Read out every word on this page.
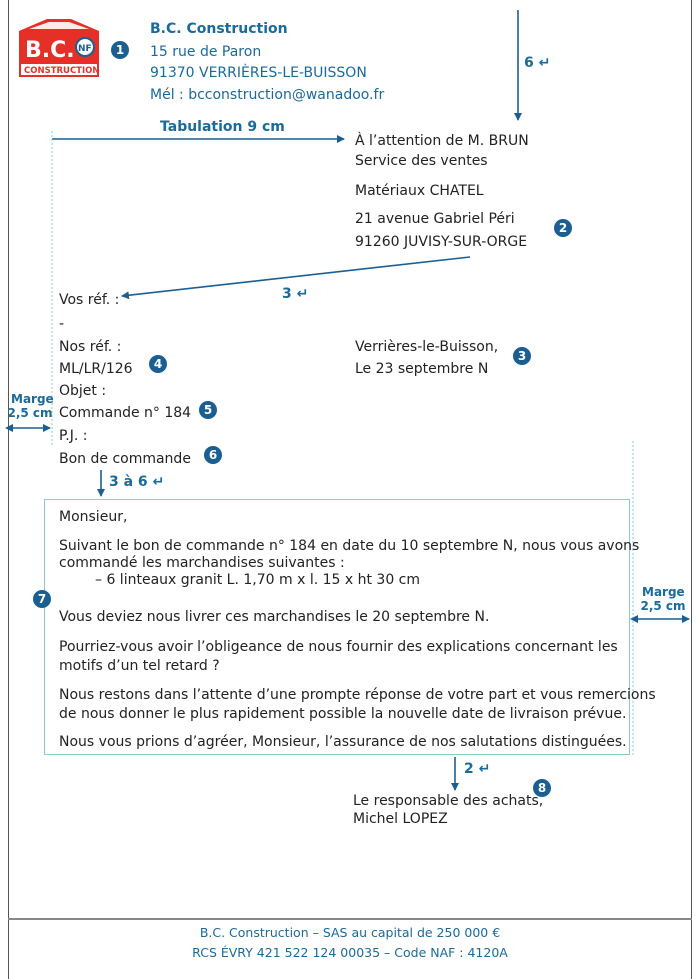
B.C. NF
CONSTRUCTION
1
B.C. Construction
15 rue de Paron
91370 VERRIÈRES-LE-BUISSON
Mél : bcconstruction@wanadoo.fr
6 ↵
Tabulation 9 cm
À l’attention de M. BRUN
Service des ventes
Matériaux CHATEL
21 avenue Gabriel Péri
91260 JUVISY-SUR-ORGE
2
3 ↵
Vos réf. :
-
Nos réf. :
ML/LR/126	4
Objet :
Commande n° 184	5
P.J. :
Bon de commande	6
Verrières-le-Buisson,
Le 23 septembre N
3
Marge
2,5 cm
3 à 6 ↵
7
Monsieur,
Suivant le bon de commande n° 184 en date du 10 septembre N, nous vous avons
commandé les marchandises suivantes :
– 6 linteaux granit L. 1,70 m x l. 15 x ht 30 cm
Vous deviez nous livrer ces marchandises le 20 septembre N.
Pourriez-vous avoir l’obligeance de nous fournir des explications concernant les
motifs d’un tel retard ?
Nous restons dans l’attente d’une prompte réponse de votre part et vous remercions
de nous donner le plus rapidement possible la nouvelle date de livraison prévue.
Nous vous prions d’agréer, Monsieur, l’assurance de nos salutations distinguées.
Marge
2,5 cm
2 ↵
8
Le responsable des achats,
Michel LOPEZ
B.C. Construction – SAS au capital de 250 000 €
RCS ÉVRY 421 522 124 00035 – Code NAF : 4120A
